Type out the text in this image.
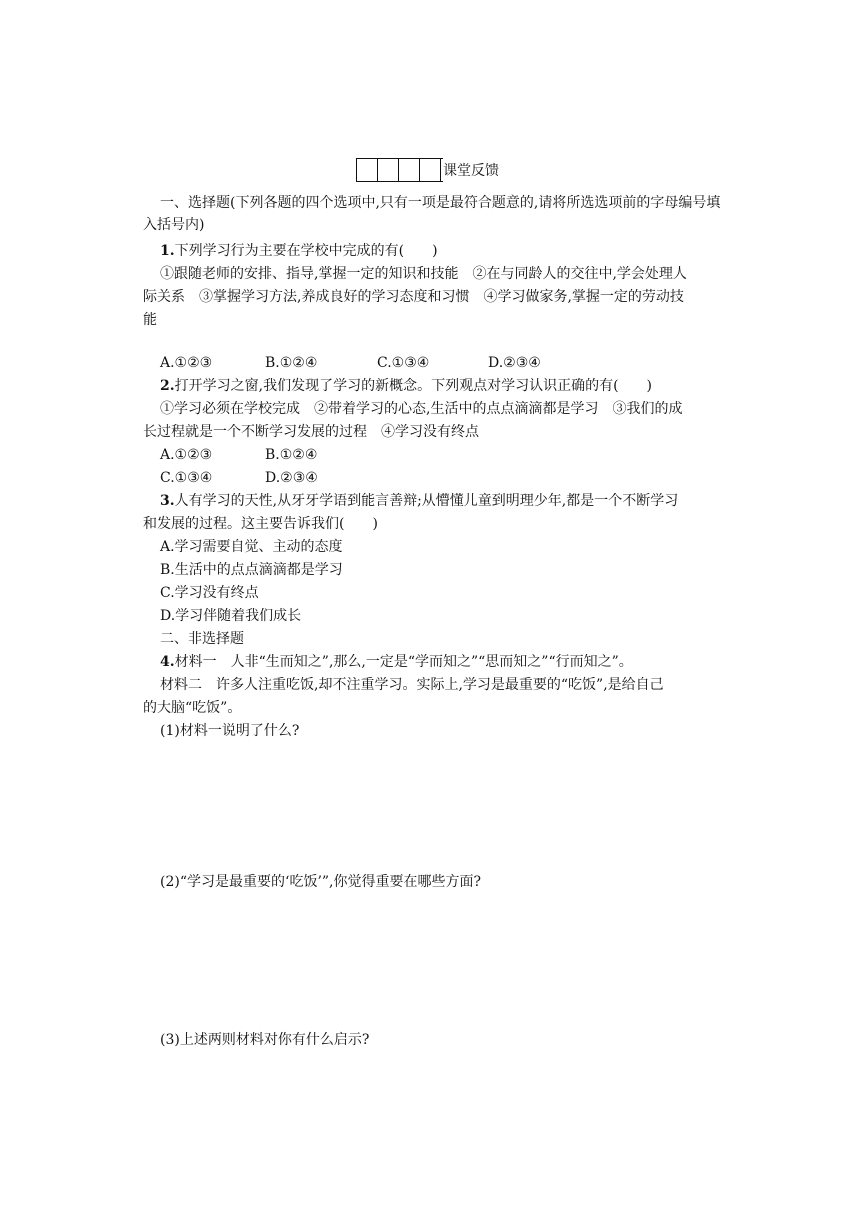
课堂反馈
一、选择题(下列各题的四个选项中,只有一项是最符合题意的,请将所选选项前的字母编号填入括号内)
1.下列学习行为主要在学校中完成的有(　　)
①跟随老师的安排、指导,掌握一定的知识和技能　②在与同龄人的交往中,学会处理人
际关系　③掌握学习方法,养成良好的学习态度和习惯　④学习做家务,掌握一定的劳动技
能
A.①②③	B.①②④	C.①③④	D.②③④
2.打开学习之窗,我们发现了学习的新概念。下列观点对学习认识正确的有(　　)
①学习必须在学校完成　②带着学习的心态,生活中的点点滴滴都是学习　③我们的成
长过程就是一个不断学习发展的过程　④学习没有终点
A.①②③	B.①②④
C.①③④	D.②③④
3.人有学习的天性,从牙牙学语到能言善辩;从懵懂儿童到明理少年,都是一个不断学习
和发展的过程。这主要告诉我们(　　)
A.学习需要自觉、主动的态度
B.生活中的点点滴滴都是学习
C.学习没有终点
D.学习伴随着我们成长
二、非选择题
4.材料一　人非“生而知之”,那么,一定是“学而知之”“思而知之”“行而知之”。
材料二　许多人注重吃饭,却不注重学习。实际上,学习是最重要的“吃饭”,是给自己
的大脑“吃饭”。
(1)材料一说明了什么?
(2)“学习是最重要的‘吃饭’”,你觉得重要在哪些方面?
(3)上述两则材料对你有什么启示?
